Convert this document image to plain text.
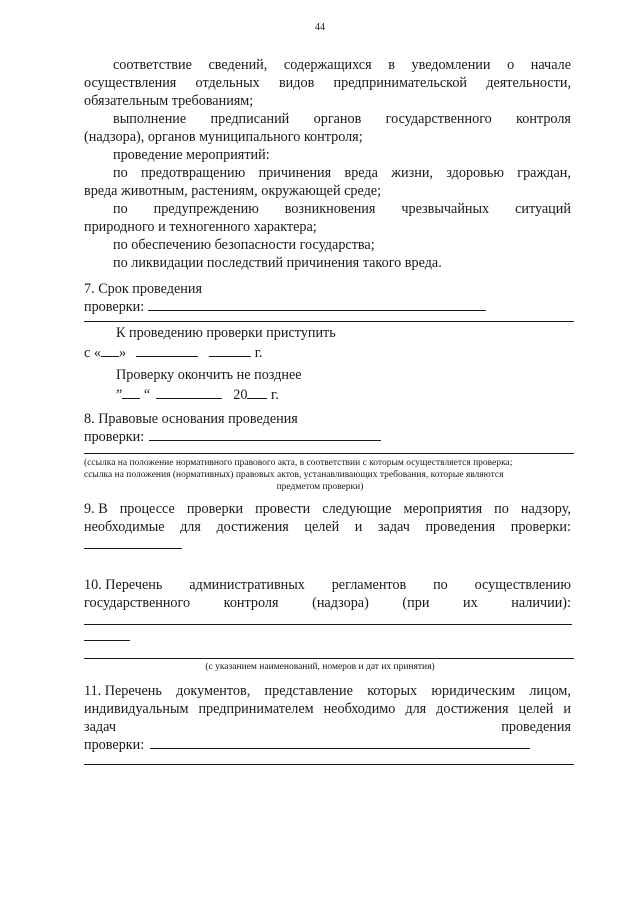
44
соответствие сведений, содержащихся в уведомлении о начале
осуществления отдельных видов предпринимательской деятельности,
обязательным требованиям;
выполнение предписаний органов государственного контроля
(надзора), органов муниципального контроля;
проведение мероприятий:
по предотвращению причинения вреда жизни, здоровью граждан,
вреда животным, растениям, окружающей среде;
по предупреждению возникновения чрезвычайных ситуаций
природного и техногенного характера;
по обеспечению безопасности государства;
по ликвидации последствий причинения такого вреда.
7. Срок проведения
проверки:
К проведению проверки приступить
с « »	г.
Проверку окончить не позднее
” “	20 г.
8. Правовые основания проведения
проверки:
(ссылка на положение нормативного правового акта, в соответствии с которым осуществляется проверка;
ссылка на положения (нормативных) правовых актов, устанавливающих требования, которые являются
предметом проверки)
9. В процессе проверки провести следующие мероприятия по надзору,
необходимые для достижения целей и задач проведения проверки:
10. Перечень административных регламентов по осуществлению
государственного контроля (надзора) (при их наличии):
(с указанием наименований, номеров и дат их принятия)
11. Перечень документов, представление которых юридическим лицом,
индивидуальным предпринимателем необходимо для достижения целей и
задач	проведения
проверки:
